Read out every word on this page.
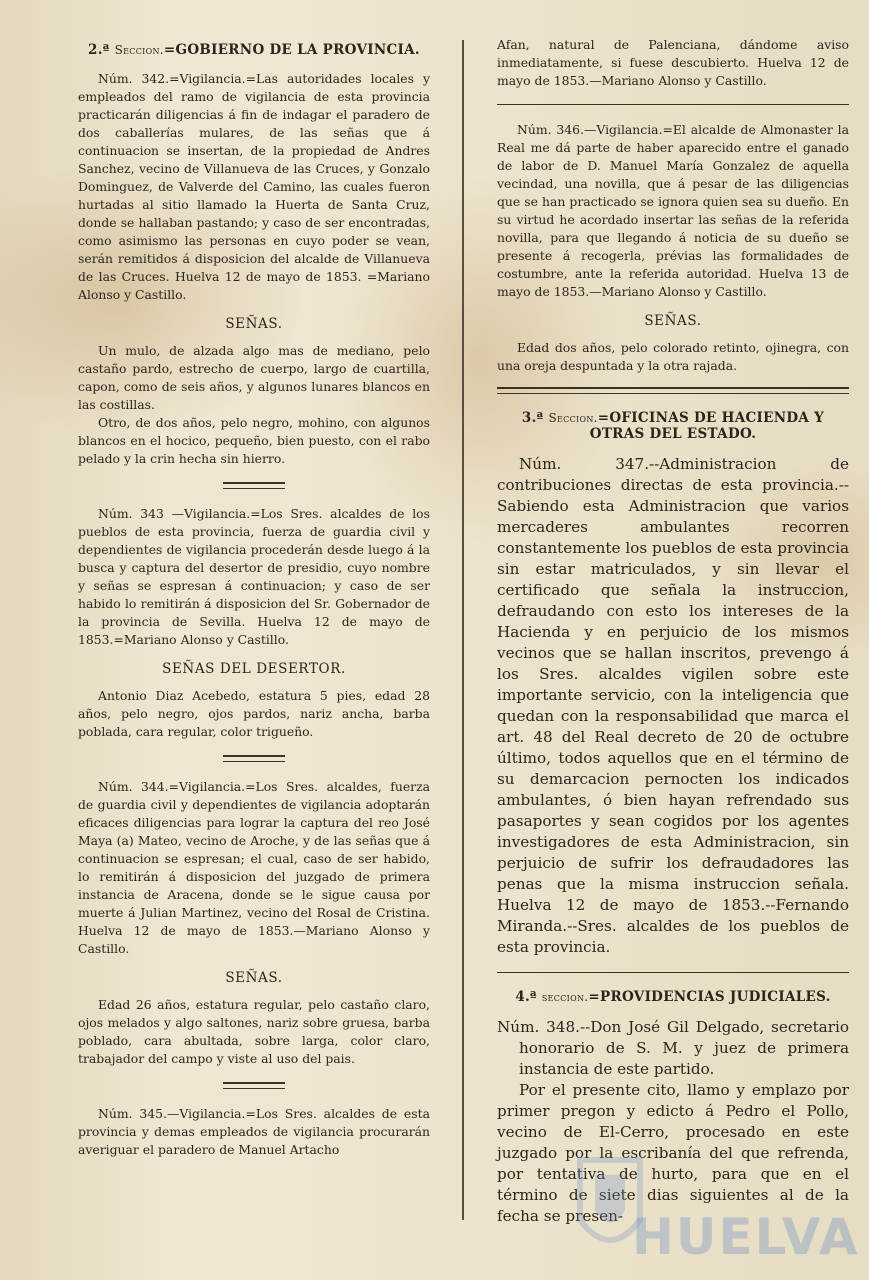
2.ª Seccion.=GOBIERNO DE LA PROVINCIA.

Núm. 342.=Vigilancia.=Las autoridades locales y empleados del ramo de vigilancia de esta provincia practicarán diligencias á fin de indagar el paradero de dos caballerías mulares, de las señas que á continuacion se insertan, de la propiedad de Andres Sanchez, vecino de Villanueva de las Cruces, y Gonzalo Dominguez, de Valverde del Camino, las cuales fueron hurtadas al sitio llamado la Huerta de Santa Cruz, donde se hallaban pastando; y caso de ser encontradas, como asimismo las personas en cuyo poder se vean, serán remitidos á disposicion del alcalde de Villanueva de las Cruces. Huelva 12 de mayo de 1853. =Mariano Alonso y Castillo.

SEÑAS.

Un mulo, de alzada algo mas de mediano, pelo castaño pardo, estrecho de cuerpo, largo de cuartilla, capon, como de seis años, y algunos lunares blancos en las costillas.

Otro, de dos años, pelo negro, mohino, con algunos blancos en el hocico, pequeño, bien puesto, con el rabo pelado y la crin hecha sin hierro.

Núm. 343 —Vigilancia.=Los Sres. alcaldes de los pueblos de esta provincia, fuerza de guardia civil y dependientes de vigilancia procederán desde luego á la busca y captura del desertor de presidio, cuyo nombre y señas se espresan á continuacion; y caso de ser habido lo remitirán á disposicion del Sr. Gobernador de la provincia de Sevilla. Huelva 12 de mayo de 1853.=Mariano Alonso y Castillo.

SEÑAS DEL DESERTOR.

Antonio Diaz Acebedo, estatura 5 pies, edad 28 años, pelo negro, ojos pardos, nariz ancha, barba poblada, cara regular, color trigueño.

Núm. 344.=Vigilancia.=Los Sres. alcaldes, fuerza de guardia civil y dependientes de vigilancia adoptarán eficaces diligencias para lograr la captura del reo José Maya (a) Mateo, vecino de Aroche, y de las señas que á continuacion se espresan; el cual, caso de ser habido, lo remitirán á disposicion del juzgado de primera instancia de Aracena, donde se le sigue causa por muerte á Julian Martinez, vecino del Rosal de Cristina. Huelva 12 de mayo de 1853.—Mariano Alonso y Castillo.

SEÑAS.

Edad 26 años, estatura regular, pelo castaño claro, ojos melados y algo saltones, nariz sobre gruesa, barba poblado, cara abultada, sobre larga, color claro, trabajador del campo y viste al uso del pais.

Núm. 345.—Vigilancia.=Los Sres. alcaldes de esta provincia y demas empleados de vigilancia procurarán averiguar el paradero de Manuel Artacho

Afan, natural de Palenciana, dándome aviso inmediatamente, si fuese descubierto. Huelva 12 de mayo de 1853.—Mariano Alonso y Castillo.

Núm. 346.—Vigilancia.=El alcalde de Almonaster la Real me dá parte de haber aparecido entre el ganado de labor de D. Manuel María Gonzalez de aquella vecindad, una novilla, que á pesar de las diligencias que se han practicado se ignora quien sea su dueño. En su virtud he acordado insertar las señas de la referida novilla, para que llegando á noticia de su dueño se presente á recogerla, prévias las formalidades de costumbre, ante la referida autoridad. Huelva 13 de mayo de 1853.—Mariano Alonso y Castillo.

SEÑAS.

Edad dos años, pelo colorado retinto, ojinegra, con una oreja despuntada y la otra rajada.

3.ª Seccion.=OFICINAS DE HACIENDA Y OTRAS DEL ESTADO.

Núm. 347.--Administracion de contribuciones directas de esta provincia.--Sabiendo esta Administracion que varios mercaderes ambulantes recorren constantemente los pueblos de esta provincia sin estar matriculados, y sin llevar el certificado que señala la instruccion, defraudando con esto los intereses de la Hacienda y en perjuicio de los mismos vecinos que se hallan inscritos, prevengo á los Sres. alcaldes vigilen sobre este importante servicio, con la inteligencia que quedan con la responsabilidad que marca el art. 48 del Real decreto de 20 de octubre último, todos aquellos que en el término de su demarcacion pernocten los indicados ambulantes, ó bien hayan refrendado sus pasaportes y sean cogidos por los agentes investigadores de esta Administracion, sin perjuicio de sufrir los defraudadores las penas que la misma instruccion señala. Huelva 12 de mayo de 1853.--Fernando Miranda.--Sres. alcaldes de los pueblos de esta provincia.

4.ª seccion.=PROVIDENCIAS JUDICIALES.

Núm. 348.--Don José Gil Delgado, secretario honorario de S. M. y juez de primera instancia de este partido.

Por el presente cito, llamo y emplazo por primer pregon y edicto á Pedro el Pollo, vecino de El-Cerro, procesado en este juzgado por la escribanía del que refrenda, por tentativa de hurto, para que en el término de siete dias siguientes al de la fecha se presen- HUELVA
